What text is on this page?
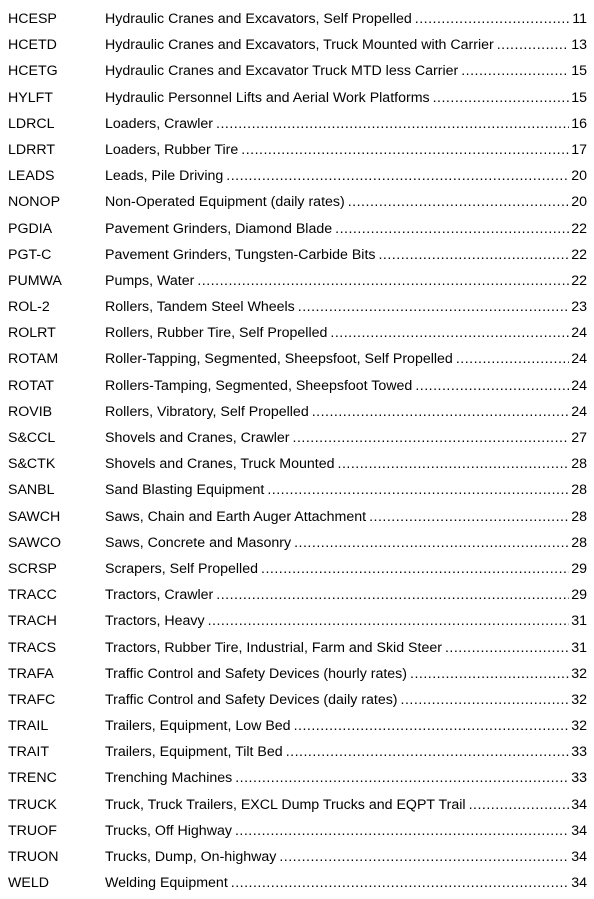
HCESP	Hydraulic Cranes and Excavators, Self Propelled .....	11
HCETD	Hydraulic Cranes and Excavators, Truck Mounted with Carrier .....	13
HCETG	Hydraulic Cranes and Excavator Truck MTD less Carrier .....	15
HYLFT	Hydraulic Personnel Lifts and Aerial Work Platforms .....	15
LDRCL	Loaders, Crawler .....	16
LDRRT	Loaders, Rubber Tire .....	17
LEADS	Leads, Pile Driving .....	20
NONOP	Non-Operated Equipment (daily rates) .....	20
PGDIA	Pavement Grinders, Diamond Blade .....	22
PGT-C	Pavement Grinders, Tungsten-Carbide Bits .....	22
PUMWA	Pumps, Water .....	22
ROL-2	Rollers, Tandem Steel Wheels .....	23
ROLRT	Rollers, Rubber Tire, Self Propelled .....	24
ROTAM	Roller-Tapping, Segmented, Sheepsfoot, Self Propelled .....	24
ROTAT	Rollers-Tamping, Segmented, Sheepsfoot Towed .....	24
ROVIB	Rollers, Vibratory, Self Propelled .....	24
S&CCL	Shovels and Cranes, Crawler .....	27
S&CTK	Shovels and Cranes, Truck Mounted .....	28
SANBL	Sand Blasting Equipment .....	28
SAWCH	Saws, Chain and Earth Auger Attachment .....	28
SAWCO	Saws, Concrete and Masonry .....	28
SCRSP	Scrapers, Self Propelled .....	29
TRACC	Tractors, Crawler .....	29
TRACH	Tractors, Heavy .....	31
TRACS	Tractors, Rubber Tire, Industrial, Farm and Skid Steer .....	31
TRAFA	Traffic Control and Safety Devices (hourly rates) .....	32
TRAFC	Traffic Control and Safety Devices (daily rates) .....	32
TRAIL	Trailers, Equipment, Low Bed .....	32
TRAIT	Trailers, Equipment, Tilt Bed .....	33
TRENC	Trenching Machines .....	33
TRUCK	Truck, Truck Trailers, EXCL Dump Trucks and EQPT Trail .....	34
TRUOF	Trucks, Off Highway .....	34
TRUON	Trucks, Dump, On-highway .....	34
WELD	Welding Equipment .....	34
